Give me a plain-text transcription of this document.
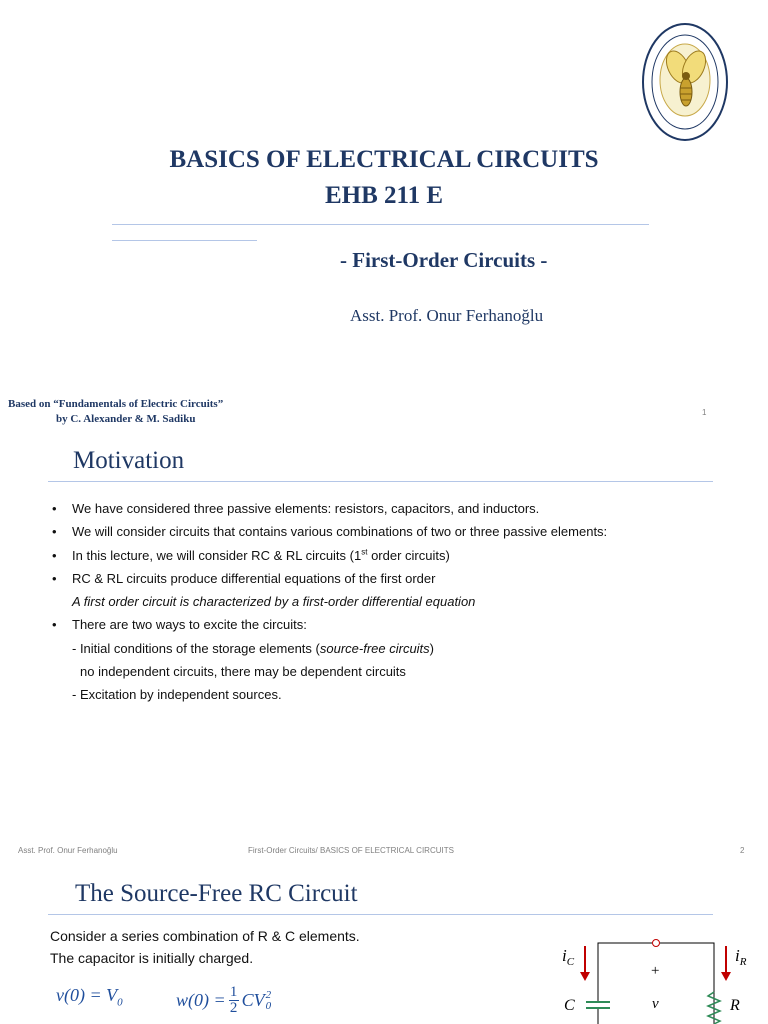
BASICS OF ELECTRICAL CIRCUITS
EHB 211 E
- First-Order Circuits -
Asst. Prof. Onur Ferhanoğlu
Based on “Fundamentals of Electric Circuits”
by C. Alexander & M. Sadiku
1
Motivation
• We have considered three passive elements: resistors, capacitors, and inductors.
• We will consider circuits that contains various combinations of two or three passive elements:
• In this lecture, we will consider RC & RL circuits (1st order circuits)
• RC & RL circuits produce differential equations of the first order
A first order circuit is characterized by a first-order differential equation
• There are two ways to excite the circuits:
- Initial conditions of the storage elements (source-free circuits)
no independent circuits, there may be dependent circuits
- Excitation by independent sources.
Asst. Prof. Onur Ferhanoğlu	First-Order Circuits/ BASICS OF ELECTRICAL CIRCUITS	2
The Source-Free RC Circuit
Consider a series combination of R & C elements.
The capacitor is initially charged.
$v(0) = V_0$	w(0) = 1
2 CV 2
0
$i_C$	$i_R$
+
v
C	R
